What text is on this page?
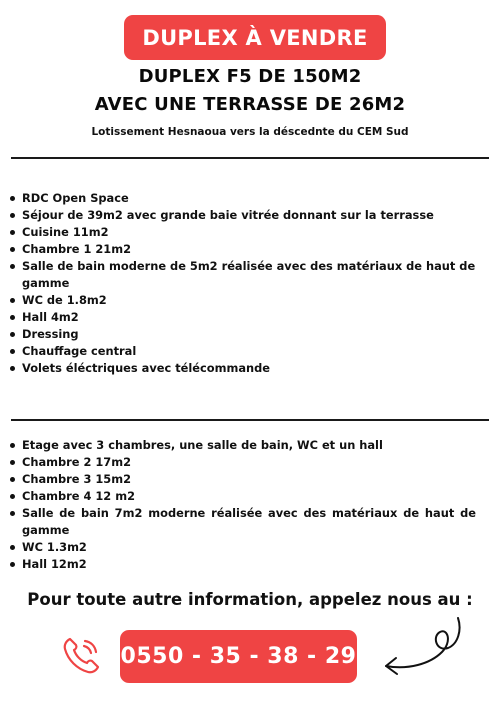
DUPLEX À VENDRE
DUPLEX F5 DE 150M2
AVEC UNE TERRASSE DE 26M2
Lotissement Hesnaoua vers la déscednte du CEM Sud
RDC Open Space
Séjour de 39m2 avec grande baie vitrée donnant sur la terrasse
Cuisine 11m2
Chambre 1 21m2
Salle de bain moderne de 5m2 réalisée avec des matériaux de haut de gamme
WC de 1.8m2
Hall 4m2
Dressing
Chauffage central
Volets éléctriques avec télécommande
Etage avec 3 chambres, une salle de bain, WC et un hall
Chambre 2 17m2
Chambre 3 15m2
Chambre 4 12 m2
Salle de bain 7m2 moderne réalisée avec des matériaux de haut de gamme
WC 1.3m2
Hall 12m2
Pour toute autre information, appelez nous au :
0550 - 35 - 38 - 29
